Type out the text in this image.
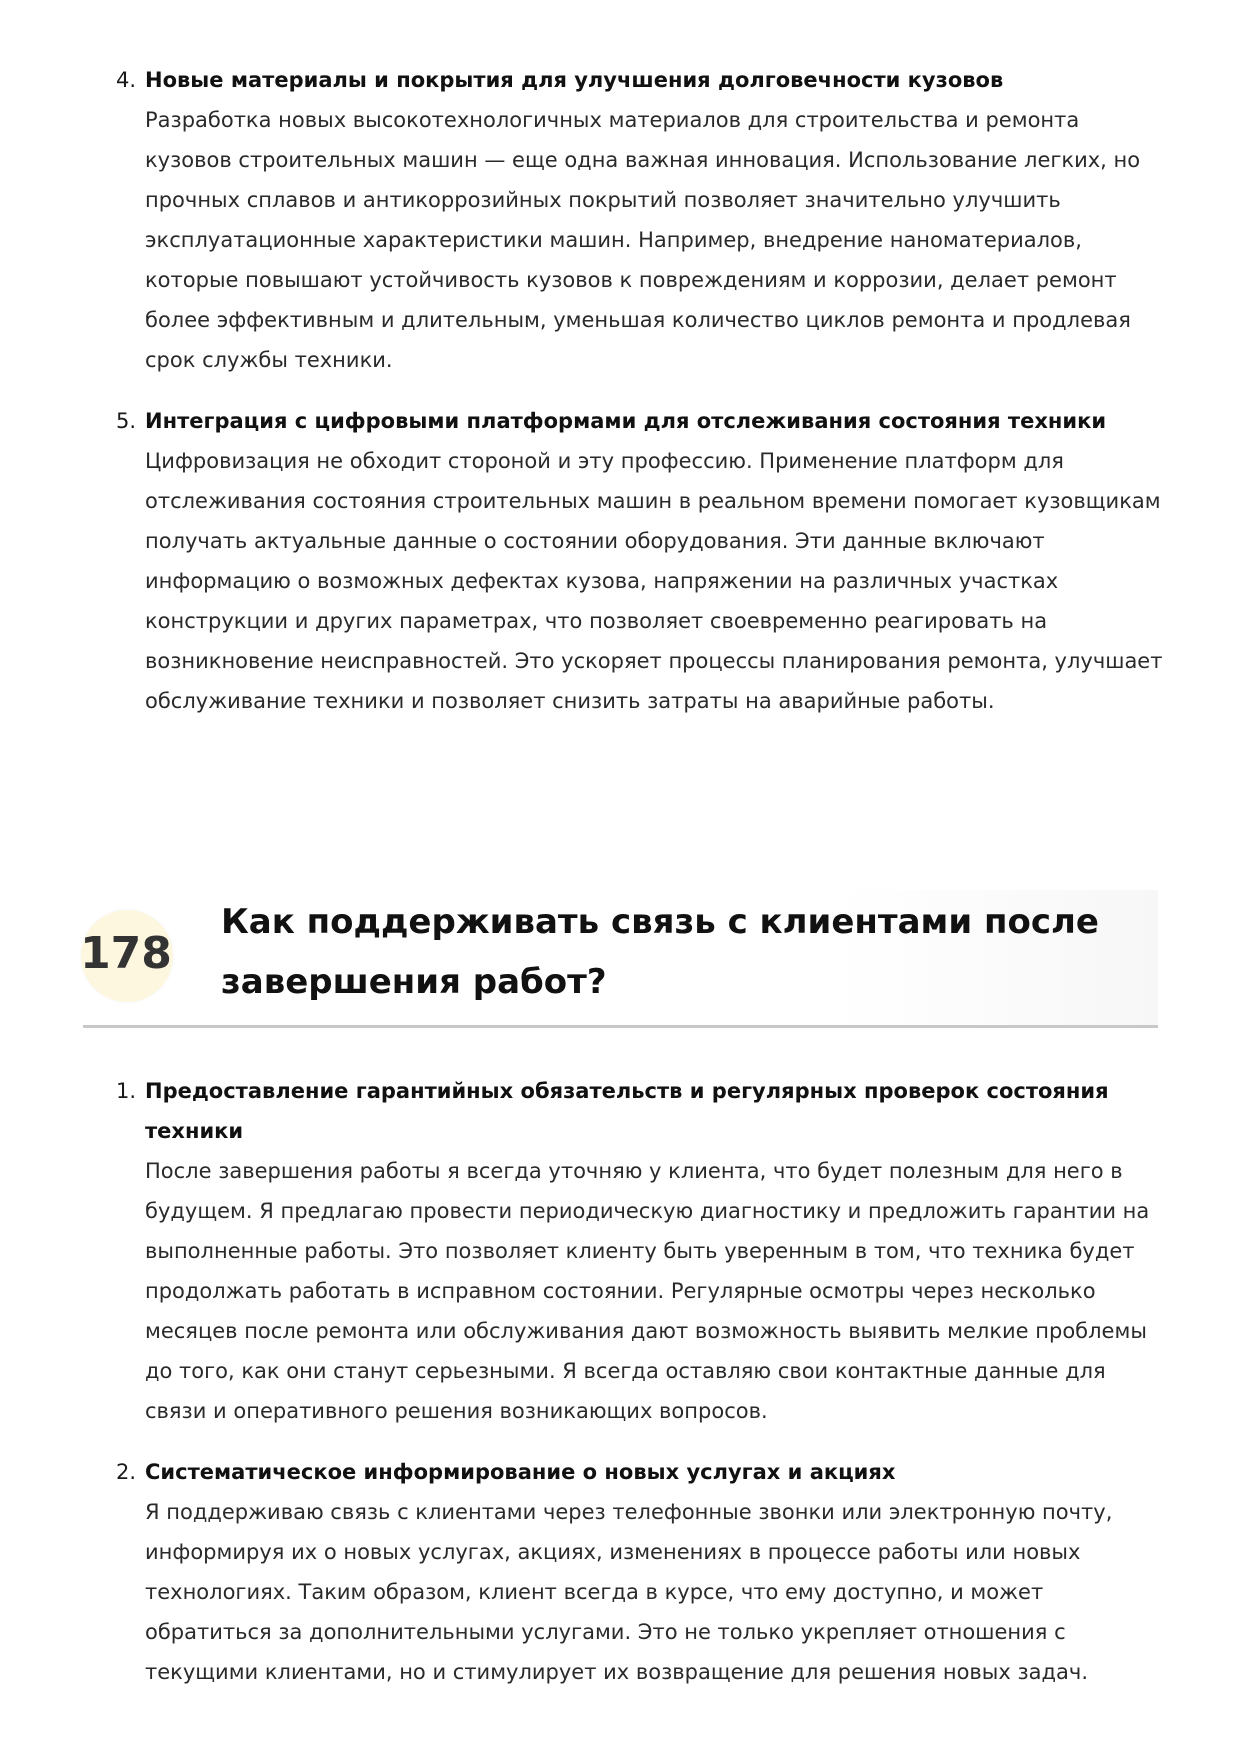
4. Новые материалы и покрытия для улучшения долговечности кузовов

Разработка новых высокотехнологичных материалов для строительства и ремонта кузовов строительных машин — еще одна важная инновация. Использование легких, но прочных сплавов и антикоррозийных покрытий позволяет значительно улучшить эксплуатационные характеристики машин. Например, внедрение наноматериалов, которые повышают устойчивость кузовов к повреждениям и коррозии, делает ремонт более эффективным и длительным, уменьшая количество циклов ремонта и продлевая срок службы техники.

5. Интеграция с цифровыми платформами для отслеживания состояния техники

Цифровизация не обходит стороной и эту профессию. Применение платформ для отслеживания состояния строительных машин в реальном времени помогает кузовщикам получать актуальные данные о состоянии оборудования. Эти данные включают информацию о возможных дефектах кузова, напряжении на различных участках конструкции и других параметрах, что позволяет своевременно реагировать на возникновение неисправностей. Это ускоряет процессы планирования ремонта, улучшает обслуживание техники и позволяет снизить затраты на аварийные работы.

178
Как поддерживать связь с клиентами после завершения работ?
1. Предоставление гарантийных обязательств и регулярных проверок состояния техники

После завершения работы я всегда уточняю у клиента, что будет полезным для него в будущем. Я предлагаю провести периодическую диагностику и предложить гарантии на выполненные работы. Это позволяет клиенту быть уверенным в том, что техника будет продолжать работать в исправном состоянии. Регулярные осмотры через несколько месяцев после ремонта или обслуживания дают возможность выявить мелкие проблемы до того, как они станут серьезными. Я всегда оставляю свои контактные данные для связи и оперативного решения возникающих вопросов.

2. Систематическое информирование о новых услугах и акциях

Я поддерживаю связь с клиентами через телефонные звонки или электронную почту, информируя их о новых услугах, акциях, изменениях в процессе работы или новых технологиях. Таким образом, клиент всегда в курсе, что ему доступно, и может обратиться за дополнительными услугами. Это не только укрепляет отношения с текущими клиентами, но и стимулирует их возвращение для решения новых задач.
